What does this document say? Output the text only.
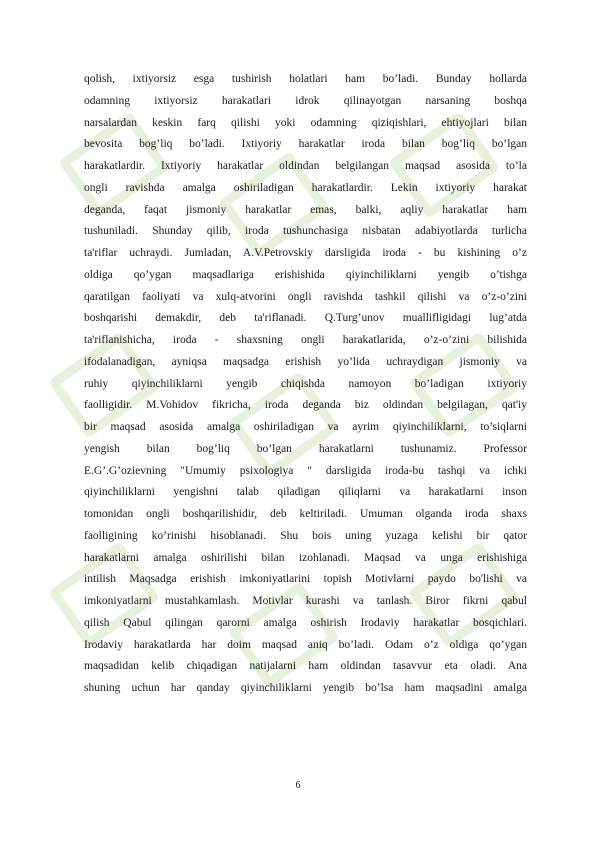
qolish, ixtiyorsiz esga tushirish holatlari ham bo’ladi. Bunday hollarda

odamning ixtiyorsiz harakatlari idrok qilinayotgan narsaning boshqa

narsalardan keskin farq qilishi yoki odamning qiziqishlari, ehtiyojlari bilan

bevosita bog’liq bo’ladi. Ixtiyoriy harakatlar iroda bilan bog’liq bo’lgan

harakatlardir. Ixtiyoriy harakatlar oldindan belgilangan maqsad asosida to’la

ongli ravishda amalga oshiriladigan harakatlardir. Lekin ixtiyoriy harakat

deganda, faqat jismoniy harakatlar emas, balki, aqliy harakatlar ham

tushuniladi. Shunday qilib, iroda tushunchasiga nisbatan adabiyotlarda turlicha

ta'riflar uchraydi. Jumladan, A.V.Petrovskiy darsligida iroda - bu kishining o’z

oldiga qo’ygan maqsadlariga erishishida qiyinchiliklarni yengib o’tishga

qaratilgan faoliyati va xulq-atvorini ongli ravishda tashkil qilishi va o’z-o’zini

boshqarishi demakdir, deb ta'riflanadi. Q.Turg’unov muallifligidagi lug’atda

ta'riflanishicha, iroda - shaxsning ongli harakatlarida, o’z-o’zini bilishida

ifodalanadigan, ayniqsa maqsadga erishish yo’lida uchraydigan jismoniy va

ruhiy qiyinchiliklarni yengib chiqishda namoyon bo’ladigan ixtiyoriy

faolligidir. M.Vohidov fikricha, iroda deganda biz oldindan belgilagan, qat'iy

bir maqsad asosida amalga oshiriladigan va ayrim qiyinchiliklarni, to’siqlarni

yengish bilan bog’liq bo’lgan harakatlarni tushunamiz. Professor

E.G’.G’ozievning "Umumiy psixologiya " darsligida iroda-bu tashqi va ichki

qiyinchiliklarni yengishni talab qiladigan qiliqlarni va harakatlarni inson

tomonidan ongli boshqarilishidir, deb keltiriladi. Umuman olganda iroda shaxs

faolligining ko’rinishi hisoblanadi. Shu bois uning yuzaga kelishi bir qator

harakatlarni amalga oshirilishi bilan izohlanadi. Maqsad va unga erishishiga

intilish Maqsadga erishish imkoniyatlarini topish Motivlarni paydo bo'lishi va

imkoniyatlarni mustahkamlash. Motivlar kurashi va tanlash. Biror fikrni qabul

qilish Qabul qilingan qarorni amalga oshirish Irodaviy harakatlar bosqichlari.

Irodaviy harakatlarda har doim maqsad aniq bo’ladi. Odam o’z oldiga qo’ygan

maqsadidan kelib chiqadigan natijalarni ham oldindan tasavvur eta oladi. Ana

shuning uchun har qanday qiyinchiliklarni yengib bo’lsa ham maqsadini amalga

6
